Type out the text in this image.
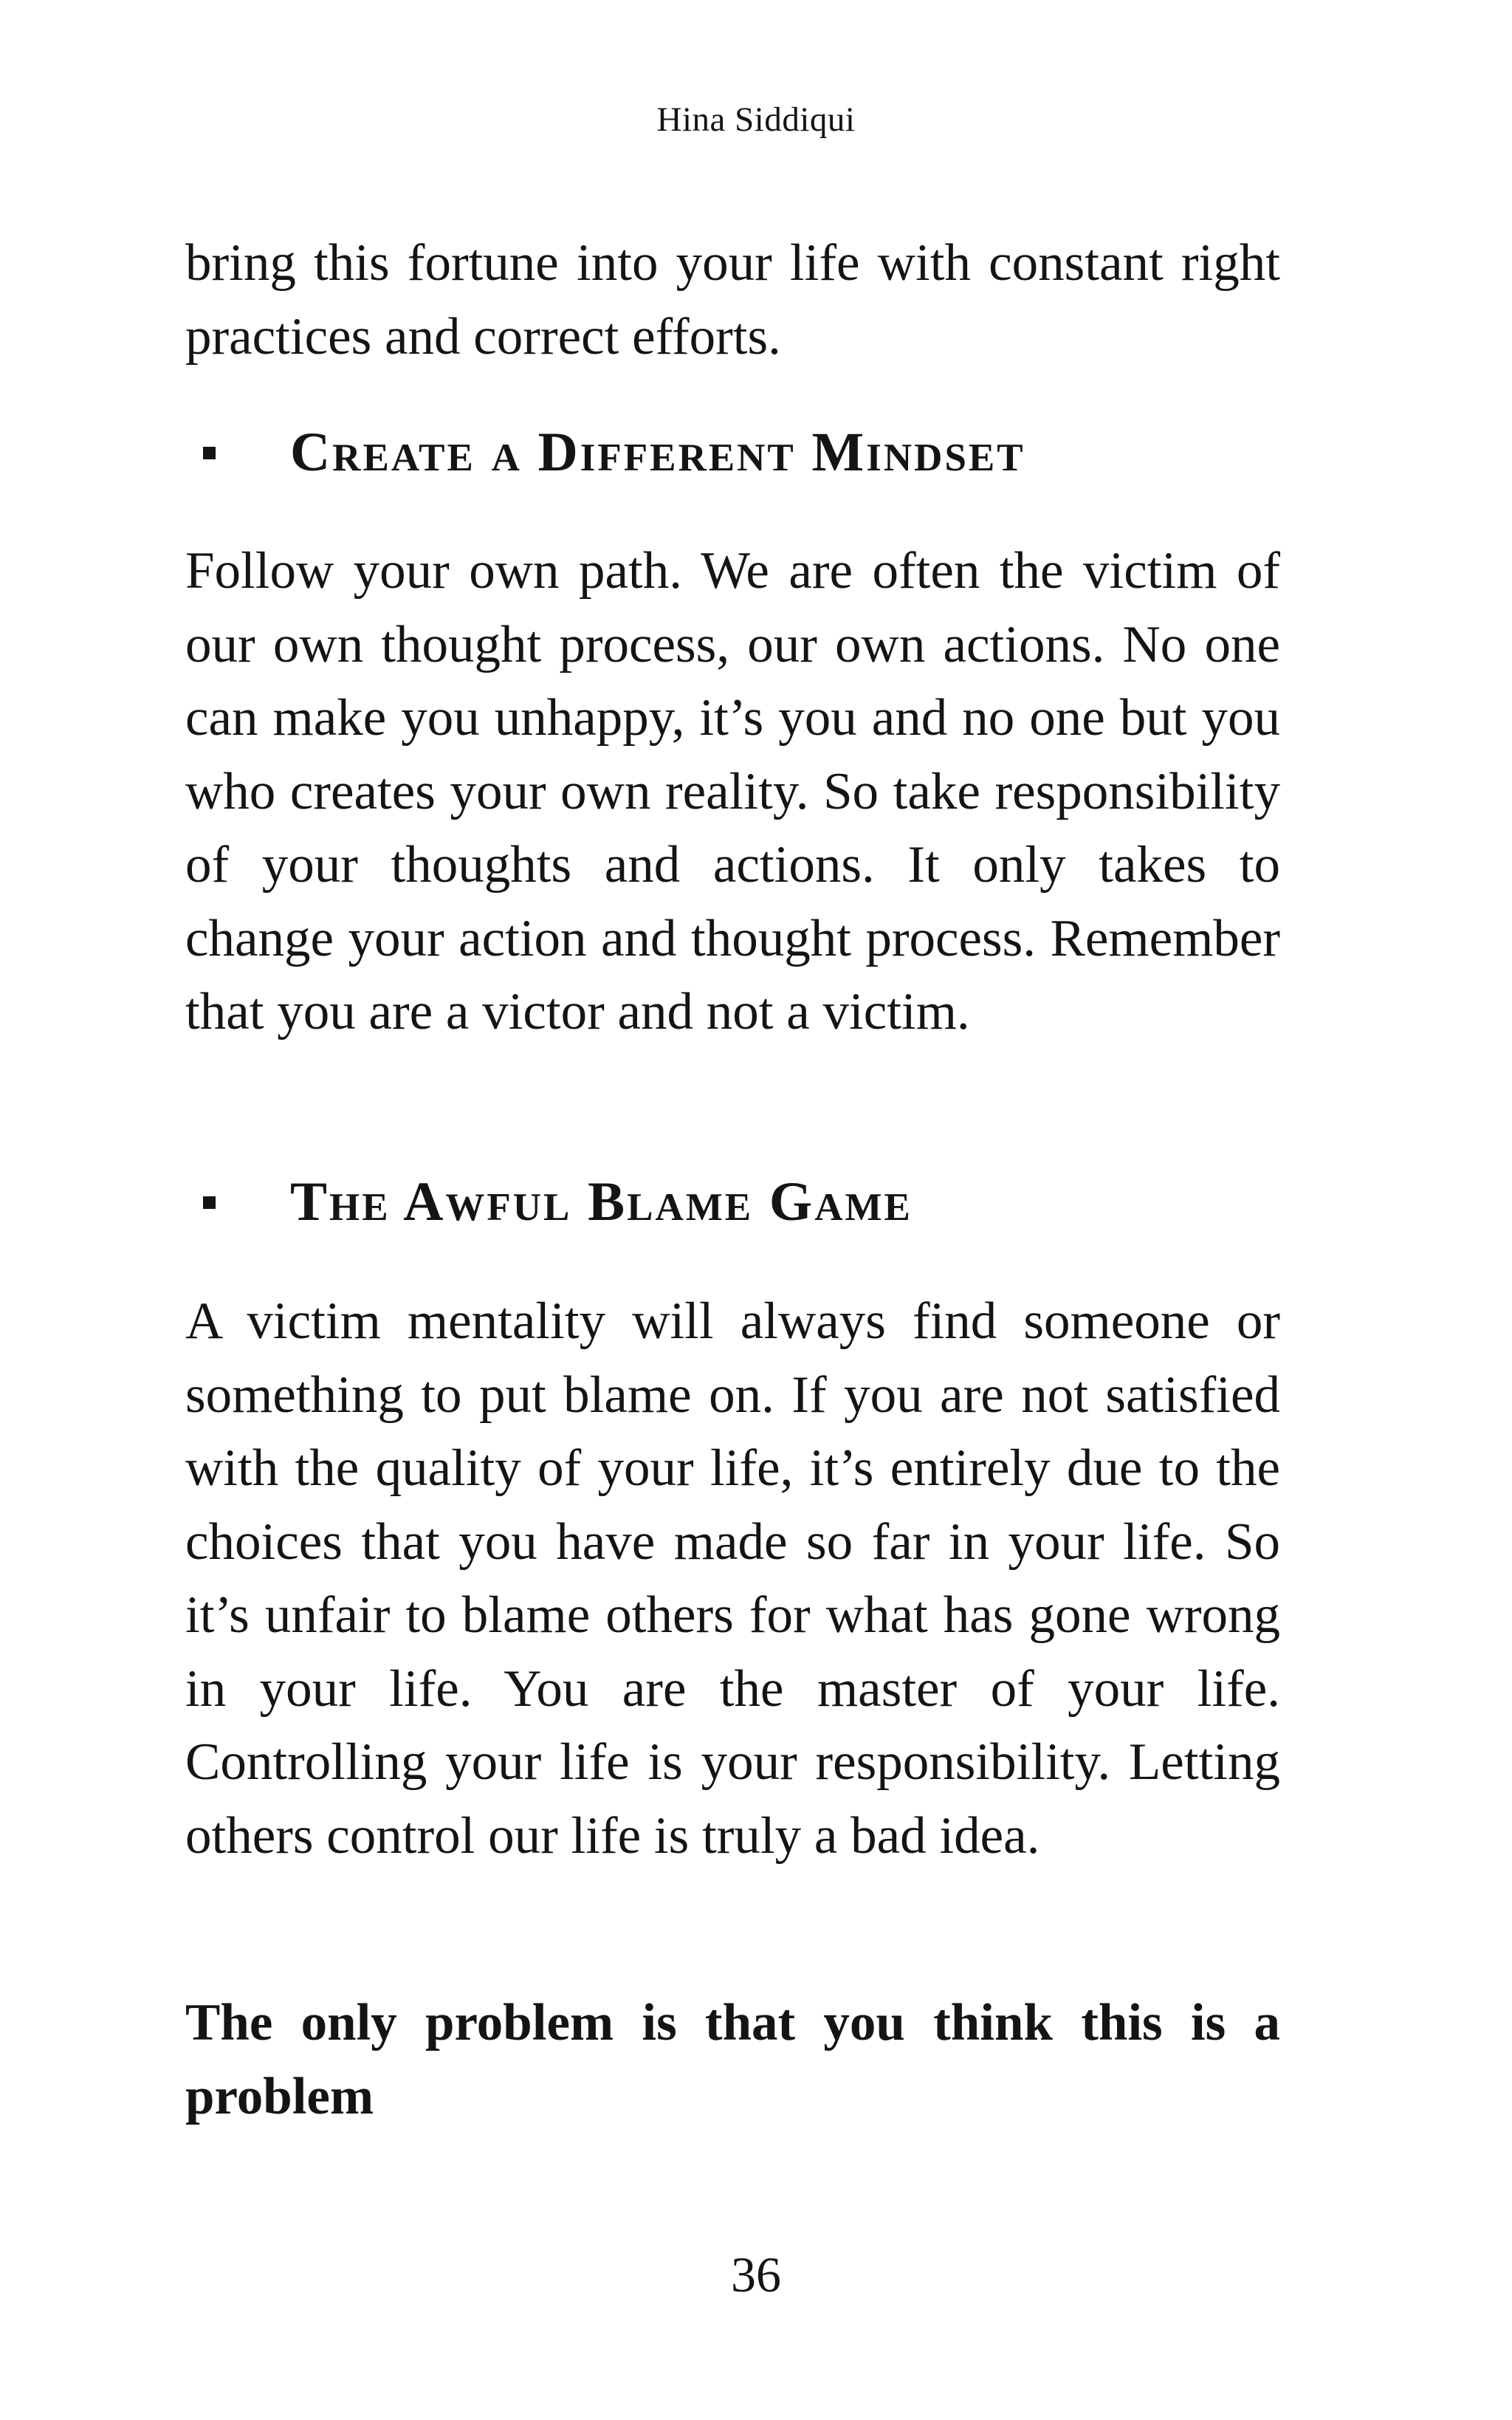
Hina Siddiqui

bring this fortune into your life with constant right practices and correct efforts.

Create a Different Mindset

Follow your own path. We are often the victim of our own thought process, our own actions. No one can make you unhappy, it’s you and no one but you who creates your own reality. So take responsibility of your thoughts and actions. It only takes to change your action and thought process. Remember that you are a victor and not a victim.

The Awful Blame Game

A victim mentality will always find someone or something to put blame on. If you are not satisfied with the quality of your life, it’s entirely due to the choices that you have made so far in your life. So it’s unfair to blame others for what has gone wrong in your life. You are the master of your life. Controlling your life is your responsibility. Letting others control our life is truly a bad idea.

The only problem is that you think this is a problem

36
